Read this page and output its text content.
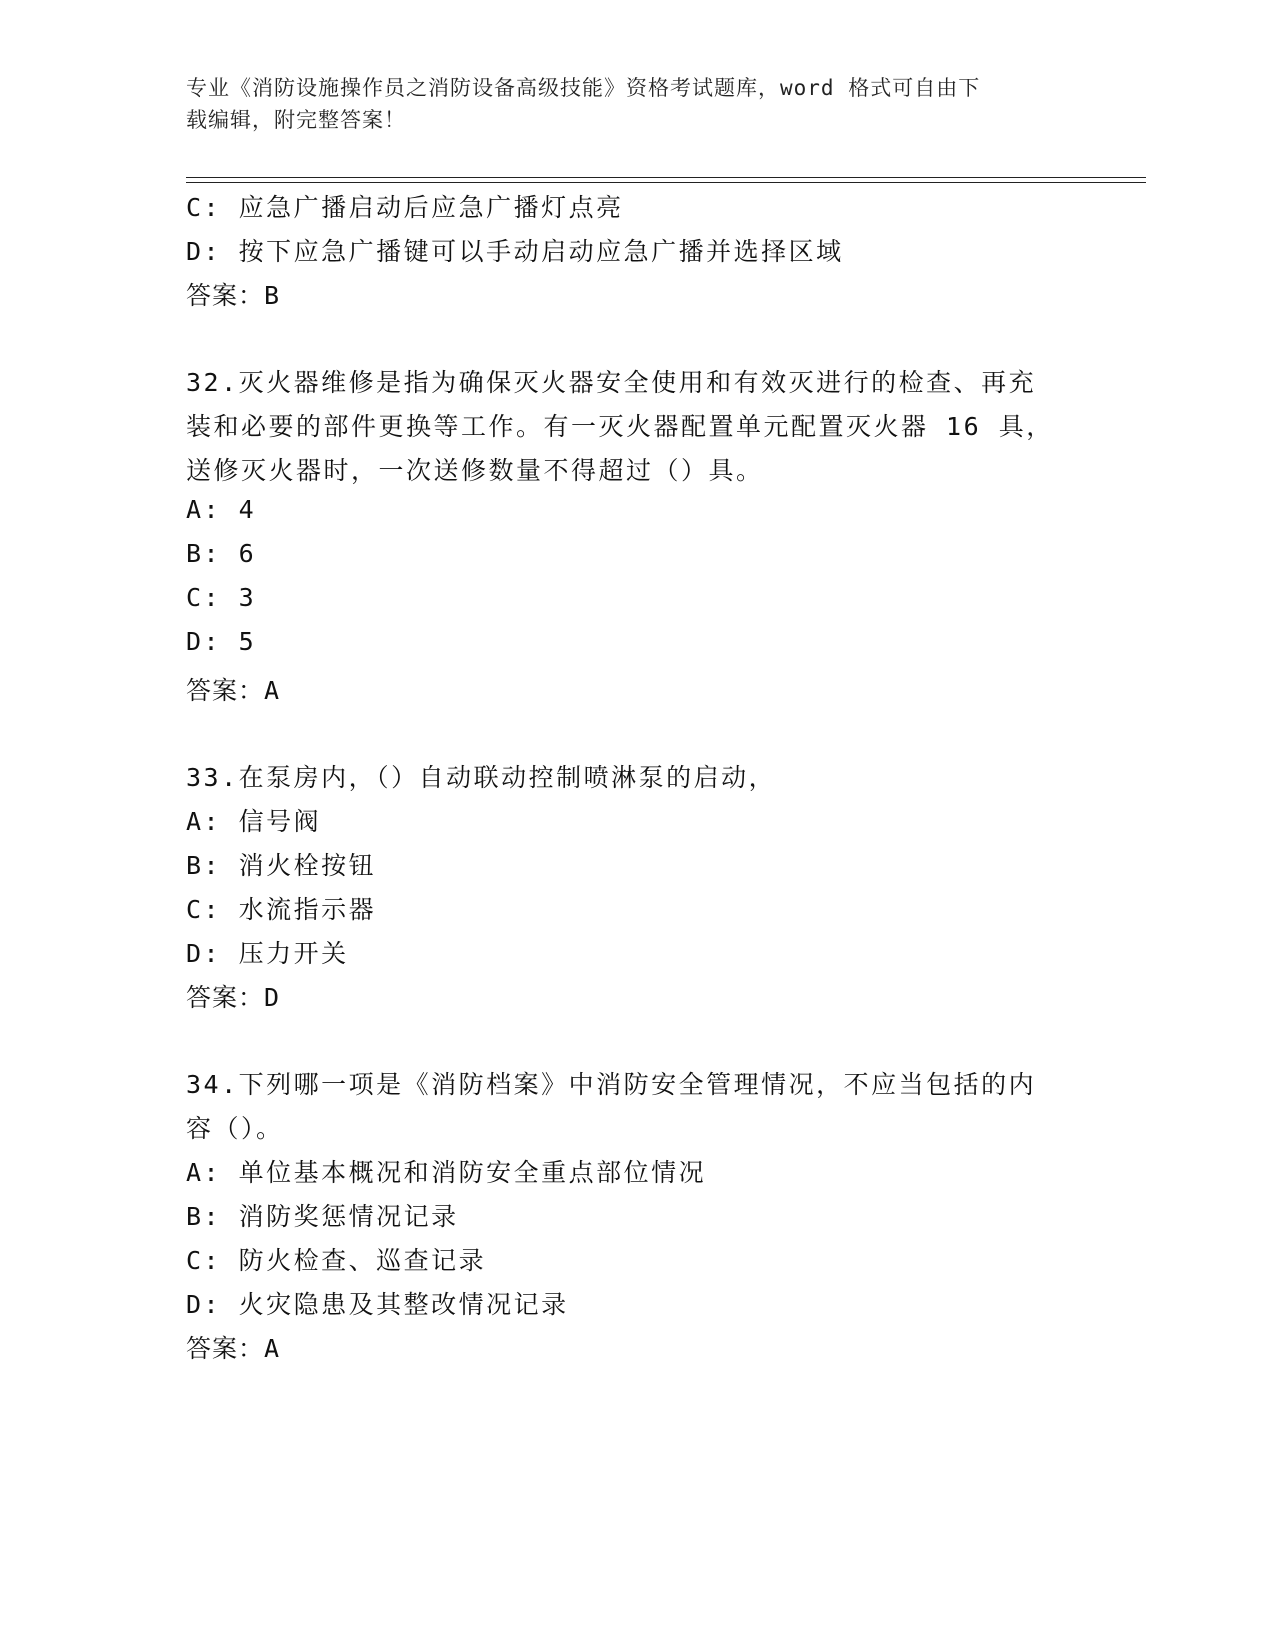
专业《消防设施操作员之消防设备高级技能》资格考试题库，word 格式可自由下
载编辑，附完整答案！
C: 应急广播启动后应急广播灯点亮
D: 按下应急广播键可以手动启动应急广播并选择区域
答案：B
32.灭火器维修是指为确保灭火器安全使用和有效灭进行的检查、再充
装和必要的部件更换等工作。有一灭火器配置单元配置灭火器 16 具，
送修灭火器时，一次送修数量不得超过（）具。
A: 4
B: 6
C: 3
D: 5
答案：A
33.在泵房内，（）自动联动控制喷淋泵的启动，
A: 信号阀
B: 消火栓按钮
C: 水流指示器
D: 压力开关
答案：D
34.下列哪一项是《消防档案》中消防安全管理情况，不应当包括的内
容（）。
A: 单位基本概况和消防安全重点部位情况
B: 消防奖惩情况记录
C: 防火检查、巡查记录
D: 火灾隐患及其整改情况记录
答案：A
